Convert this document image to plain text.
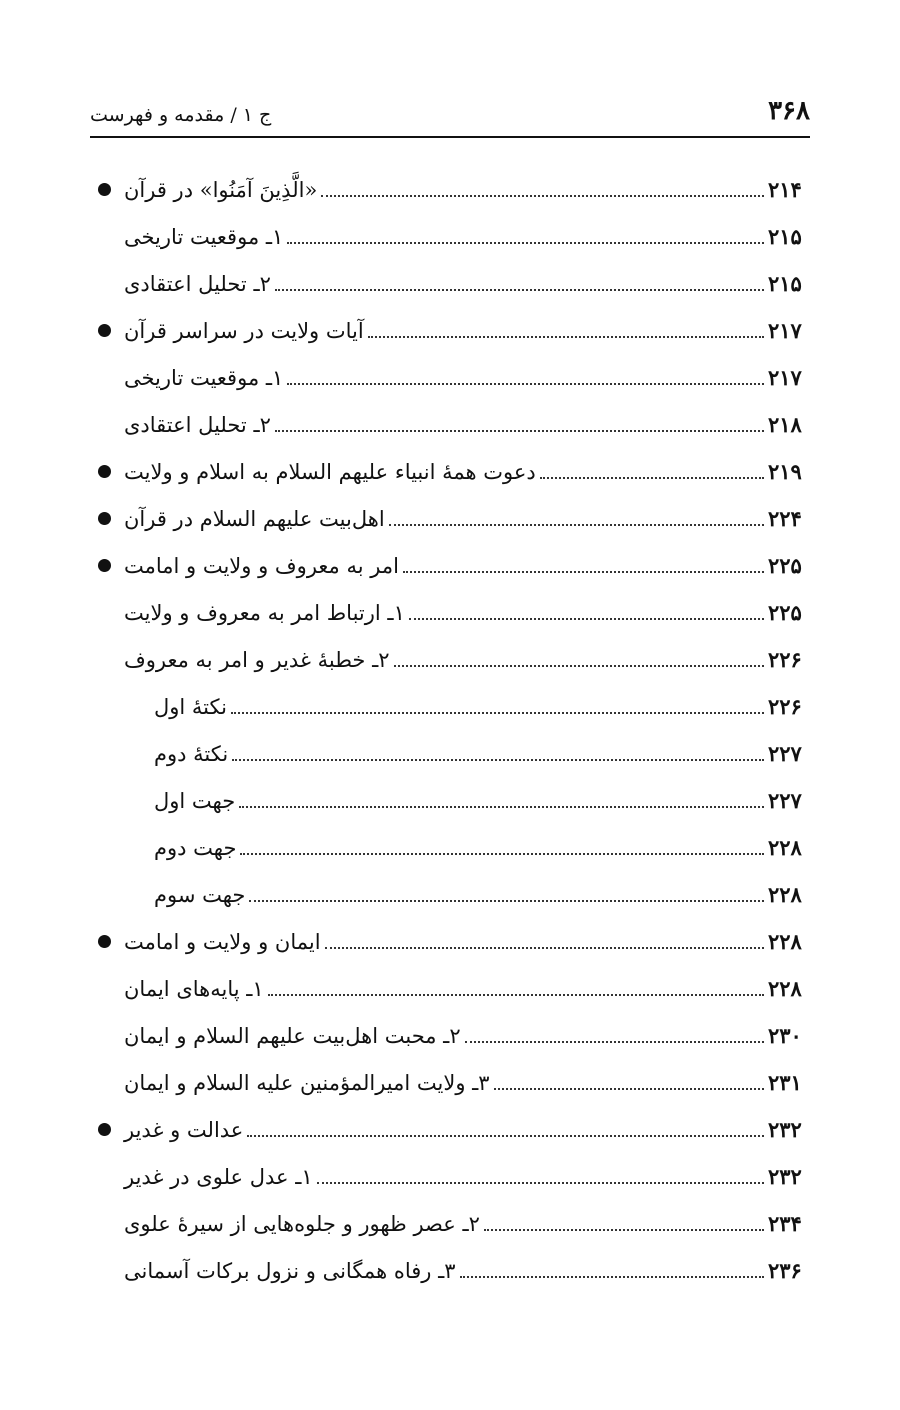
۳۶۸
ج ۱ / مقدمه و فهرست
«الَّذِینَ آمَنُوا» در قرآن	۲۱۴
۱ـ موقعیت تاریخی	۲۱۵
۲ـ تحلیل اعتقادی	۲۱۵
آیات ولایت در سراسر قرآن	۲۱۷
۱ـ موقعیت تاریخی	۲۱۷
۲ـ تحلیل اعتقادی	۲۱۸
دعوت همهٔ انبیاء علیهم السلام به اسلام و ولایت	۲۱۹
اهل‌بیت علیهم السلام در قرآن	۲۲۴
امر به معروف و ولایت و امامت	۲۲۵
۱ـ ارتباط امر به معروف و ولایت	۲۲۵
۲ـ خطبهٔ غدیر و امر به معروف	۲۲۶
نکتهٔ اول	۲۲۶
نکتهٔ دوم	۲۲۷
جهت اول	۲۲۷
جهت دوم	۲۲۸
جهت سوم	۲۲۸
ایمان و ولایت و امامت	۲۲۸
۱ـ پایه‌های ایمان	۲۲۸
۲ـ محبت اهل‌بیت علیهم السلام و ایمان	۲۳۰
۳ـ ولایت امیرالمؤمنین علیه السلام و ایمان	۲۳۱
عدالت و غدیر	۲۳۲
۱ـ عدل علوی در غدیر	۲۳۲
۲ـ عصر ظهور و جلوه‌هایی از سیرهٔ علوی	۲۳۴
۳ـ رفاه همگانی و نزول برکات آسمانی	۲۳۶
